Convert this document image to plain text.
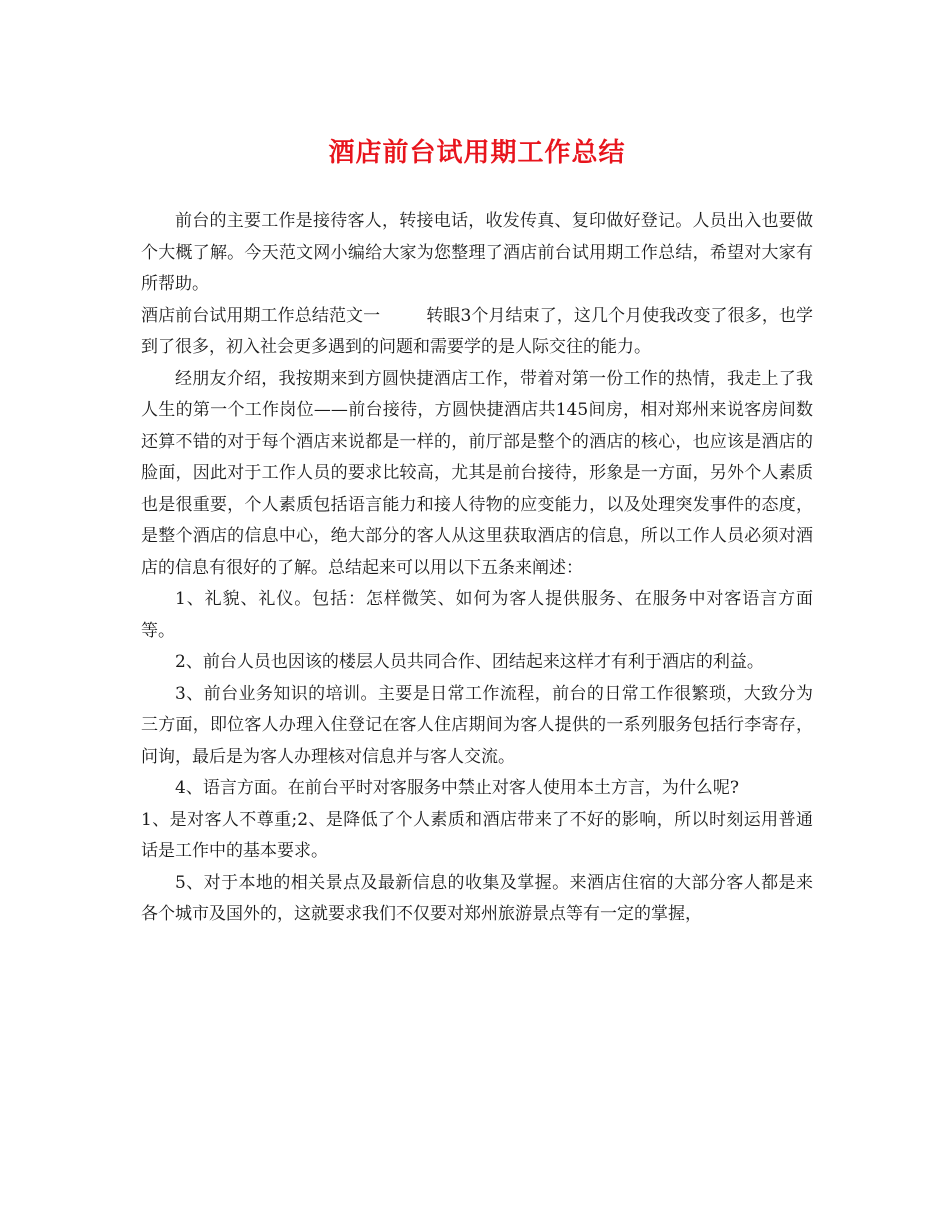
酒店前台试用期工作总结

前台的主要工作是接待客人，转接电话，收发传真、复印做好登记。人员出入也要做个大概了解。今天范文网小编给大家为您整理了酒店前台试用期工作总结，希望对大家有所帮助。

酒店前台试用期工作总结范文一	转眼3个月结束了，这几个月使我改变了很多，也学到了很多，初入社会更多遇到的问题和需要学的是人际交往的能力。

经朋友介绍，我按期来到方圆快捷酒店工作，带着对第一份工作的热情，我走上了我人生的第一个工作岗位——前台接待，方圆快捷酒店共145间房，相对郑州来说客房间数还算不错的对于每个酒店来说都是一样的，前厅部是整个的酒店的核心，也应该是酒店的脸面，因此对于工作人员的要求比较高，尤其是前台接待，形象是一方面，另外个人素质也是很重要，个人素质包括语言能力和接人待物的应变能力，以及处理突发事件的态度，是整个酒店的信息中心，绝大部分的客人从这里获取酒店的信息，所以工作人员必须对酒店的信息有很好的了解。总结起来可以用以下五条来阐述：

1、礼貌、礼仪。包括：怎样微笑、如何为客人提供服务、在服务中对客语言方面等。

2、前台人员也因该的楼层人员共同合作、团结起来这样才有利于酒店的利益。

3、前台业务知识的培训。主要是日常工作流程，前台的日常工作很繁琐，大致分为三方面，即位客人办理入住登记在客人住店期间为客人提供的一系列服务包括行李寄存，问询，最后是为客人办理核对信息并与客人交流。

4、语言方面。在前台平时对客服务中禁止对客人使用本土方言，为什么呢?

1、是对客人不尊重;2、是降低了个人素质和酒店带来了不好的影响，所以时刻运用普通话是工作中的基本要求。

5、对于本地的相关景点及最新信息的收集及掌握。来酒店住宿的大部分客人都是来各个城市及国外的，这就要求我们不仅要对郑州旅游景点等有一定的掌握，
